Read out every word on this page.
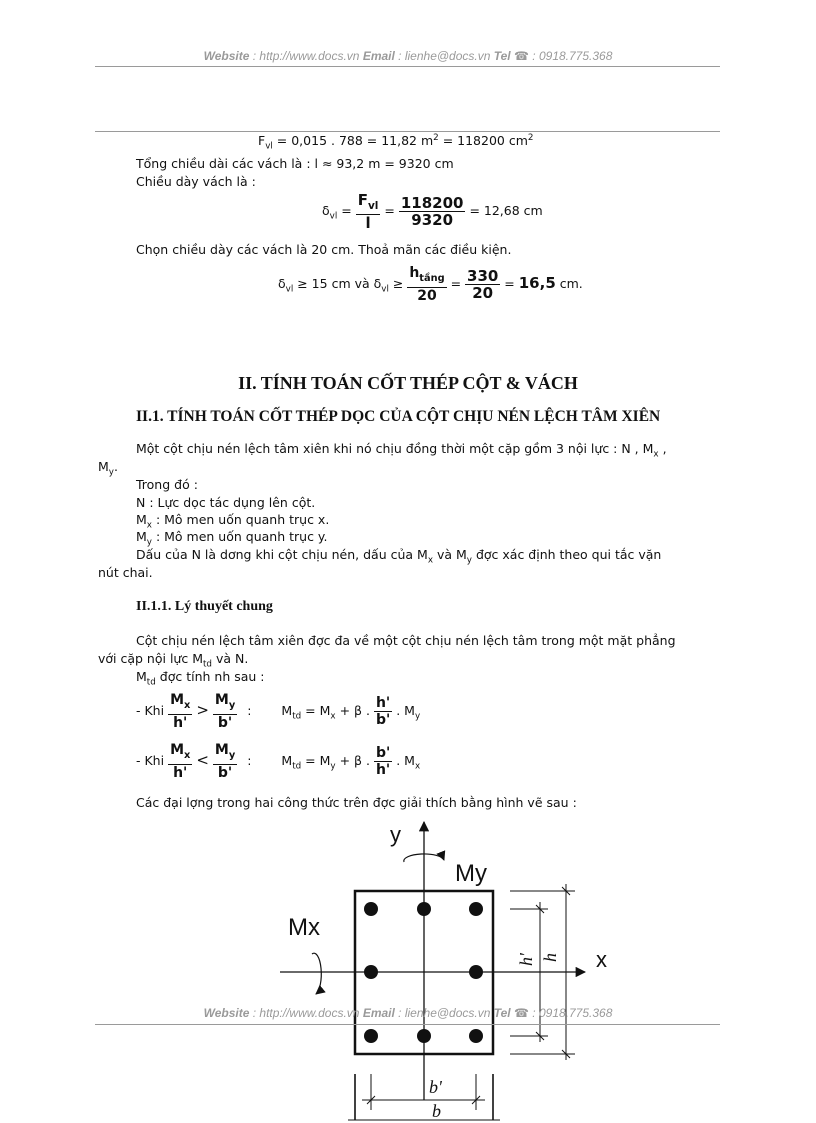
Website : http://www.docs.vn Email : lienhe@docs.vn Tel ☎ : 0918.775.368
$F_{vl} = 0,015$ . 788 = 11,82 $m^2 = 118200$ $cm^2$
Tổng chiều dài các vách là : l ≈ 93,2 m = 9320 cm
Chiều dày vách là :
$\delta_{vl} = \frac{F_{vl}}{l} = \frac{118200}{9320} = 12,68$ cm
Chọn chiều dày các vách là 20 cm. Thoả mãn các điều kiện.
$\delta_{vl} \ge 15$ cm và $\delta_{vl} \ge \frac{h_{tầng}}{20} = \frac{330}{20} = 16,5$ cm.
II. TÍNH TOÁN CỐT THÉP CỘT & VÁCH
II.1. TÍNH TOÁN CỐT THÉP DỌC CỦA CỘT CHỊU NÉN LỆCH TÂM XIÊN
Một cột chịu nén lệch tâm xiên khi nó chịu đồng thời một cặp gồm 3 nội lực : N , $M_x$ ,
$M_y$.
Trong đó :
N : Lực dọc tác dụng lên cột.
$M_x$ : Mô men uốn quanh trục x.
$M_y$ : Mô men uốn quanh trục y.
Dấu của N là dơng khi cột chịu nén, dấu của $M_x$ và $M_y$ đợc xác định theo qui tắc vặn
nút chai.
II.1.1. Lý thuyết chung
Cột chịu nén lệch tâm xiên đợc đa về một cột chịu nén lệch tâm trong một mặt phẳng
với cặp nội lực $M_{td}$ và N.
$M_{td}$ đợc tính nh sau :
- Khi $\frac{M_x}{h'} > \frac{M_y}{b'}$ : $M_{td} = M_x + \beta$ . $\frac{h'}{b'}$ . $M_y$
- Khi $\frac{M_x}{h'} < \frac{M_y}{b'}$ : $M_{td} = M_y + \beta$ . $\frac{b'}{h'}$ . $M_x$
Các đại lợng trong hai công thức trên đợc giải thích bằng hình vẽ sau :
y
My
Mx
x
h
h'
b'
b
Website : http://www.docs.vn Email : lienhe@docs.vn Tel ☎ : 0918.775.368
